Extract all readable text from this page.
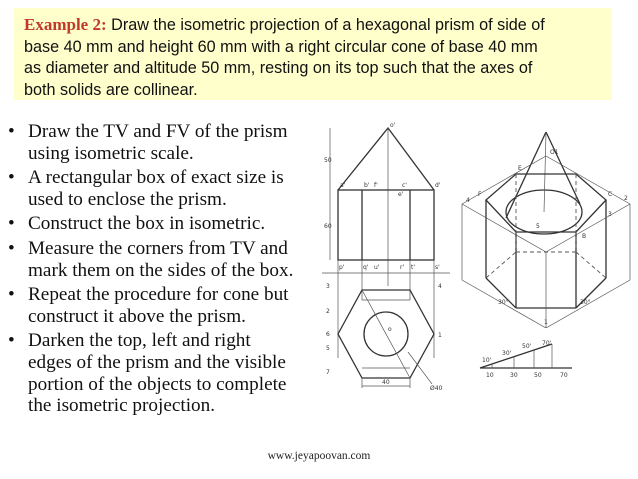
Example 2: Draw the isometric projection of a hexagonal prism of side of
base 40 mm and height 60 mm with a right circular cone of base 40 mm
as diameter and altitude 50 mm, resting on its top such that the axes of
both solids are collinear.
• Draw the TV and FV of the prism
using isometric scale.
• A rectangular box of exact size is
used to enclose the prism.
• Construct the box in isometric.
• Measure the corners from TV and
mark them on the sides of the box.
• Repeat the procedure for cone but
construct it above the prism.
• Darken the top, left and right
edges of the prism and the visible
portion of the objects to complete
the isometric projection.
50
60
o'
a'	b' f'	c'
e'
d'
p'	q' u'	r' t'	s'
40
Ø40
o
1
2
3	4
5
6
7
O1
5
4	2
1
3
B
C
E
F
30°	30°
10'
30'
50' 70'
10	30	50	70
www.jeyapoovan.com
